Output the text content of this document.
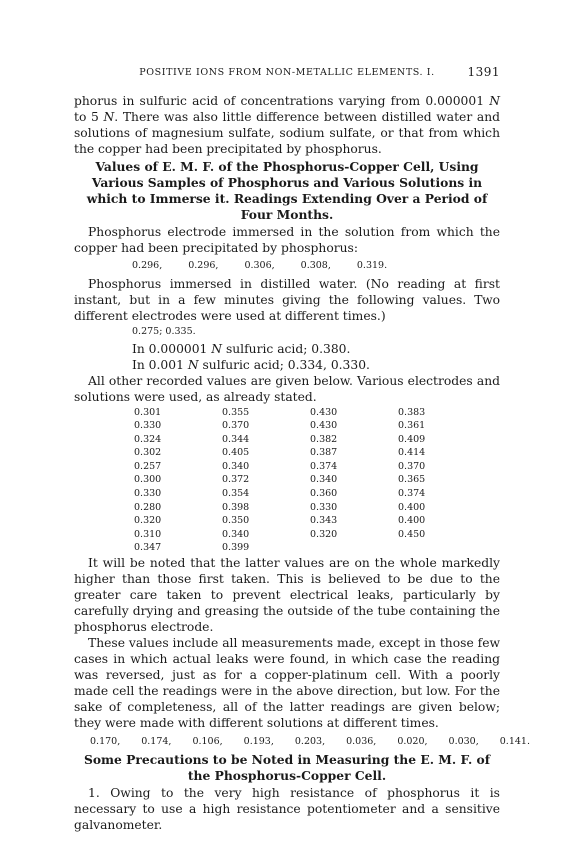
POSITIVE IONS FROM NON-METALLIC ELEMENTS. I.	1391

phorus in sulfuric acid of concentrations varying from 0.000001 N to 5 N. There was also little difference between distilled water and solutions of magnesium sulfate, sodium sulfate, or that from which the copper had been precipitated by phosphorus.

Values of E. M. F. of the Phosphorus-Copper Cell, Using Various Samples of Phosphorus and Various Solutions in which to Immerse it. Readings Extending Over a Period of Four Months.

Phosphorus electrode immersed in the solution from which the copper had been precipitated by phosphorus:

0.296,	0.296,	0.306,	0.308,	0.319.

Phosphorus immersed in distilled water. (No reading at first instant, but in a few minutes giving the following values. Two different electrodes were used at different times.)

0.275; 0.335.
In 0.000001 N sulfuric acid; 0.380.
In 0.001 N sulfuric acid; 0.334, 0.330.

All other recorded values are given below. Various electrodes and solutions were used, as already stated.

0.301	0.355	0.430	0.383
0.330	0.370	0.430	0.361
0.324	0.344	0.382	0.409
0.302	0.405	0.387	0.414
0.257	0.340	0.374	0.370
0.300	0.372	0.340	0.365
0.330	0.354	0.360	0.374
0.280	0.398	0.330	0.400
0.320	0.350	0.343	0.400
0.310	0.340	0.320	0.450
0.347	0.399		

It will be noted that the latter values are on the whole markedly higher than those first taken. This is believed to be due to the greater care taken to prevent electrical leaks, particularly by carefully drying and greasing the outside of the tube containing the phosphorus electrode.

These values include all measurements made, except in those few cases in which actual leaks were found, in which case the reading was reversed, just as for a copper-platinum cell. With a poorly made cell the readings were in the above direction, but low. For the sake of completeness, all of the latter readings are given below; they were made with different solutions at different times.

0.170, 0.174, 0.106, 0.193, 0.203, 0.036, 0.020, 0.030, 0.141.
Some Precautions to be Noted in Measuring the E. M. F. of the Phosphorus-Copper Cell.

1. Owing to the very high resistance of phosphorus it is necessary to use a high resistance potentiometer and a sensitive galvanometer.
